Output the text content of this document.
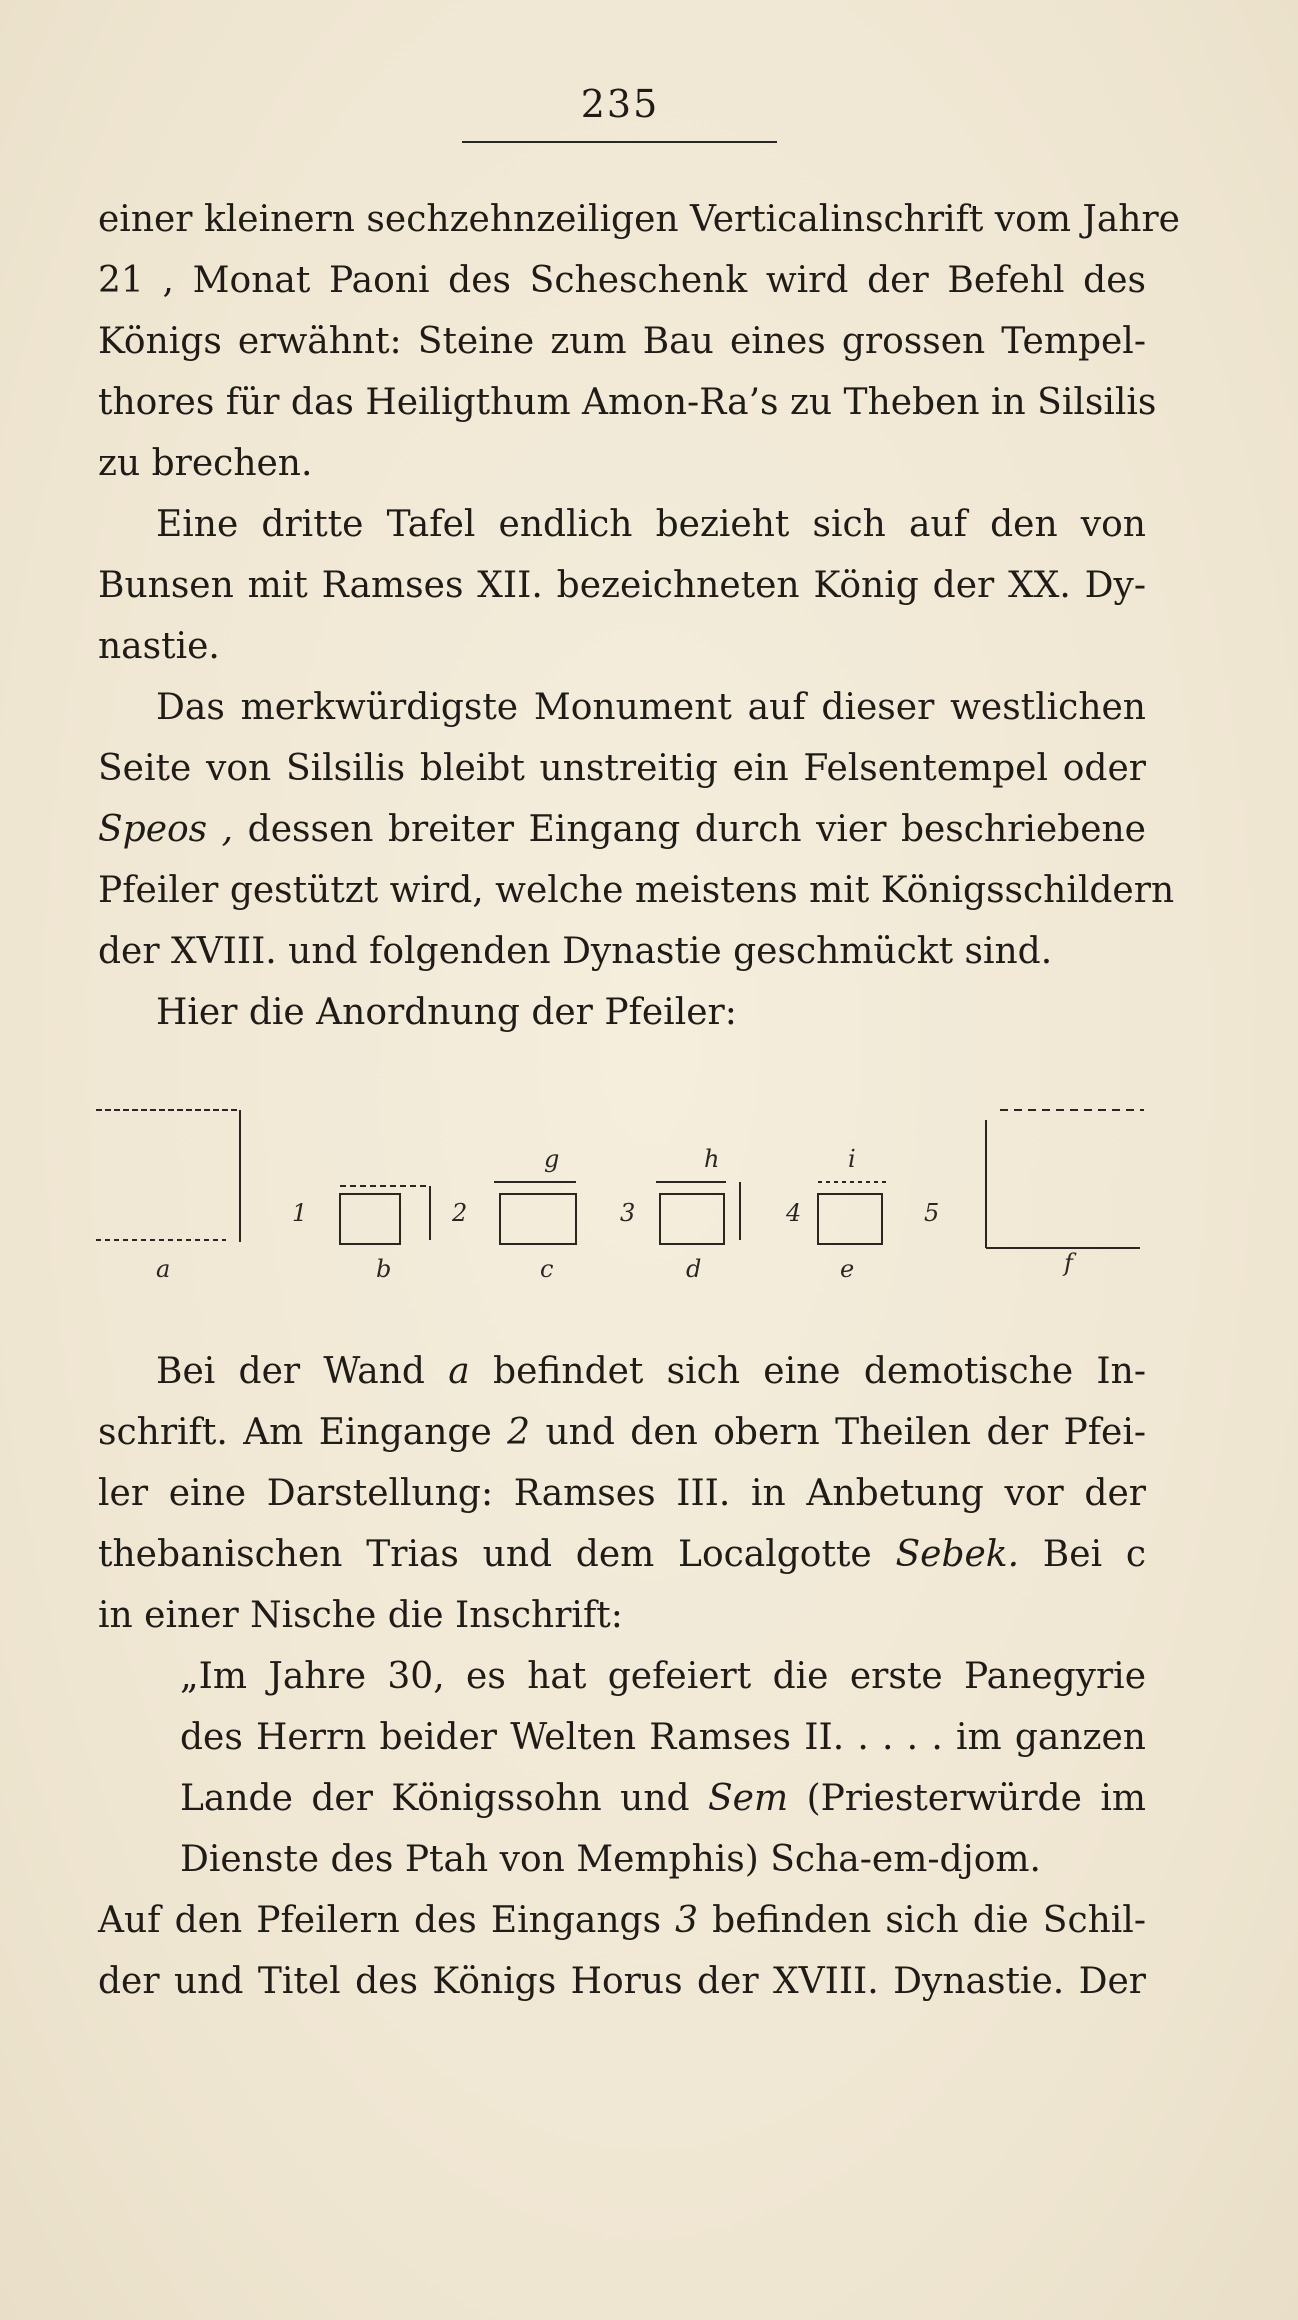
235
einer kleinern sechzehnzeiligen Verticalinschrift vom Jahre
21 , Monat Paoni des Scheschenk wird der Befehl des
Königs erwähnt: Steine zum Bau eines grossen Tempel-
thores für das Heiligthum Amon-Ra’s zu Theben in Silsilis
zu brechen.
Eine dritte Tafel endlich bezieht sich auf den von
Bunsen mit Ramses XII. bezeichneten König der XX. Dy-
nastie.
Das merkwürdigste Monument auf dieser westlichen
Seite von Silsilis bleibt unstreitig ein Felsentempel oder
Speos , dessen breiter Eingang durch vier beschriebene
Pfeiler gestützt wird, welche meistens mit Königsschildern
der XVIII. und folgenden Dynastie geschmückt sind.
Hier die Anordnung der Pfeiler:
1	2	3	4	5
g	h	i
a	b	c	d	e	f
Bei der Wand a befindet sich eine demotische In-
schrift. Am Eingange 2 und den obern Theilen der Pfei-
ler eine Darstellung: Ramses III. in Anbetung vor der
thebanischen Trias und dem Localgotte Sebek. Bei c
in einer Nische die Inschrift:
„Im Jahre 30, es hat gefeiert die erste Panegyrie
des Herrn beider Welten Ramses II. . . . . im ganzen
Lande der Königssohn und Sem (Priesterwürde im
Dienste des Ptah von Memphis) Scha-em-djom.
Auf den Pfeilern des Eingangs 3 befinden sich die Schil-
der und Titel des Königs Horus der XVIII. Dynastie. Der
